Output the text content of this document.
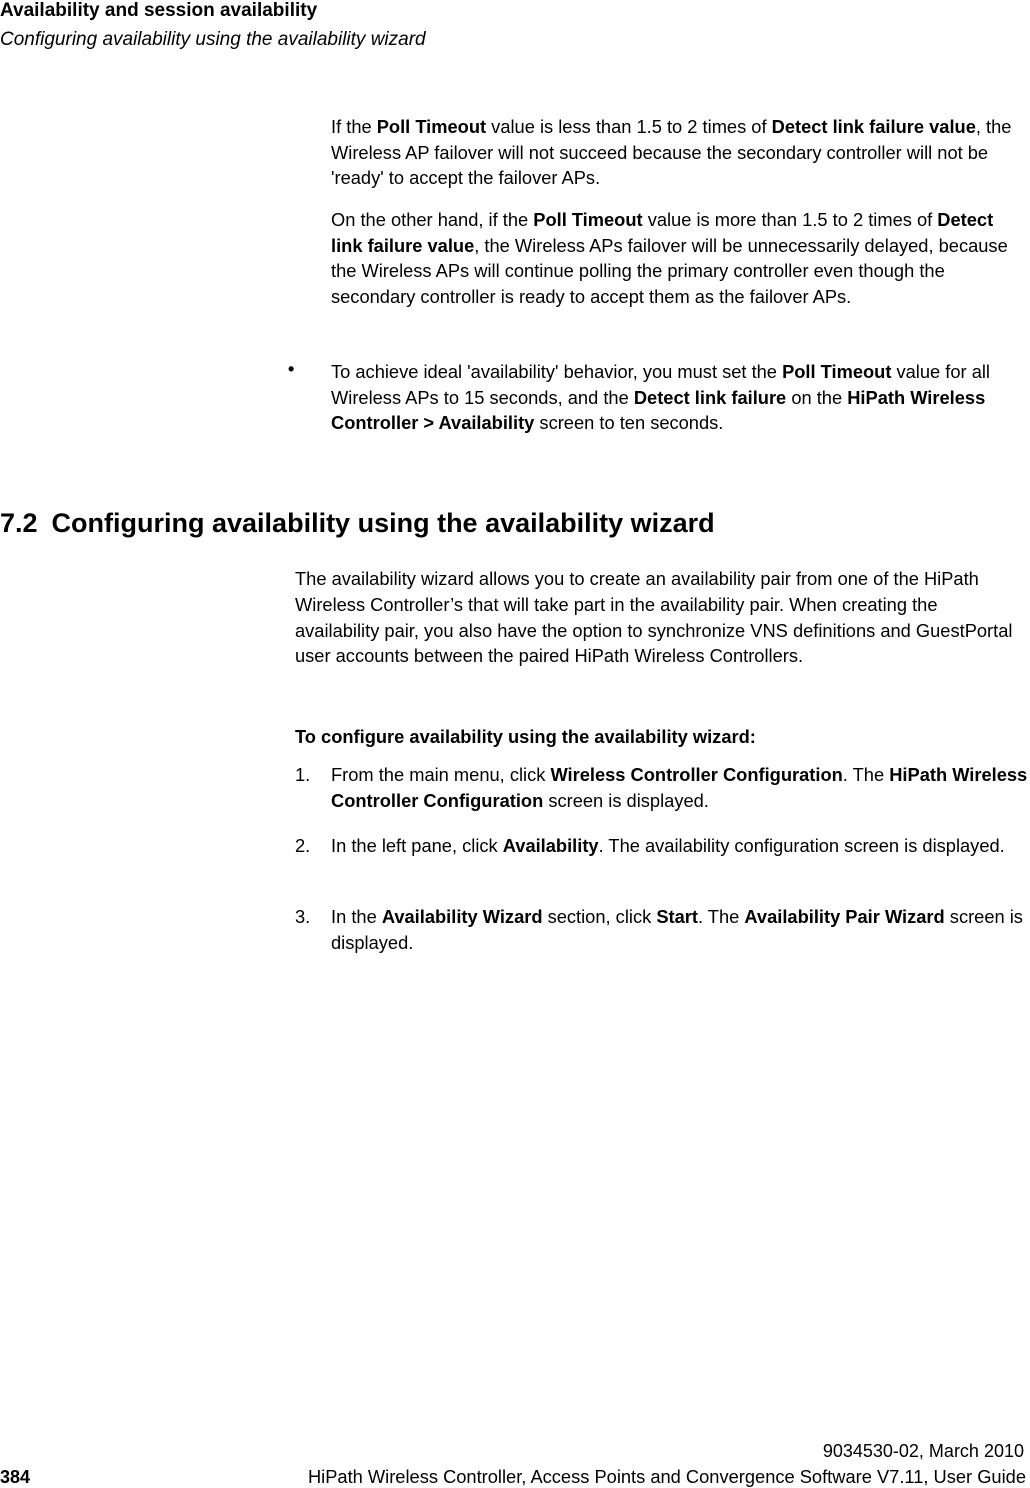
Availability and session availability
Configuring availability using the availability wizard

If the Poll Timeout value is less than 1.5 to 2 times of Detect link failure value, the Wireless AP failover will not succeed because the secondary controller will not be 'ready' to accept the failover APs.

On the other hand, if the Poll Timeout value is more than 1.5 to 2 times of Detect link failure value, the Wireless APs failover will be unnecessarily delayed, because the Wireless APs will continue polling the primary controller even though the secondary controller is ready to accept them as the failover APs.

• To achieve ideal 'availability' behavior, you must set the Poll Timeout value for all Wireless APs to 15 seconds, and the Detect link failure on the HiPath Wireless Controller > Availability screen to ten seconds.

7.2 Configuring availability using the availability wizard

The availability wizard allows you to create an availability pair from one of the HiPath Wireless Controller’s that will take part in the availability pair. When creating the availability pair, you also have the option to synchronize VNS definitions and GuestPortal user accounts between the paired HiPath Wireless Controllers.

To configure availability using the availability wizard:
1. From the main menu, click Wireless Controller Configuration. The HiPath Wireless Controller Configuration screen is displayed.

2. In the left pane, click Availability. The availability configuration screen is displayed.

3. In the Availability Wizard section, click Start. The Availability Pair Wizard screen is displayed.

9034530-02, March 2010
384	HiPath Wireless Controller, Access Points and Convergence Software V7.11, User Guide
